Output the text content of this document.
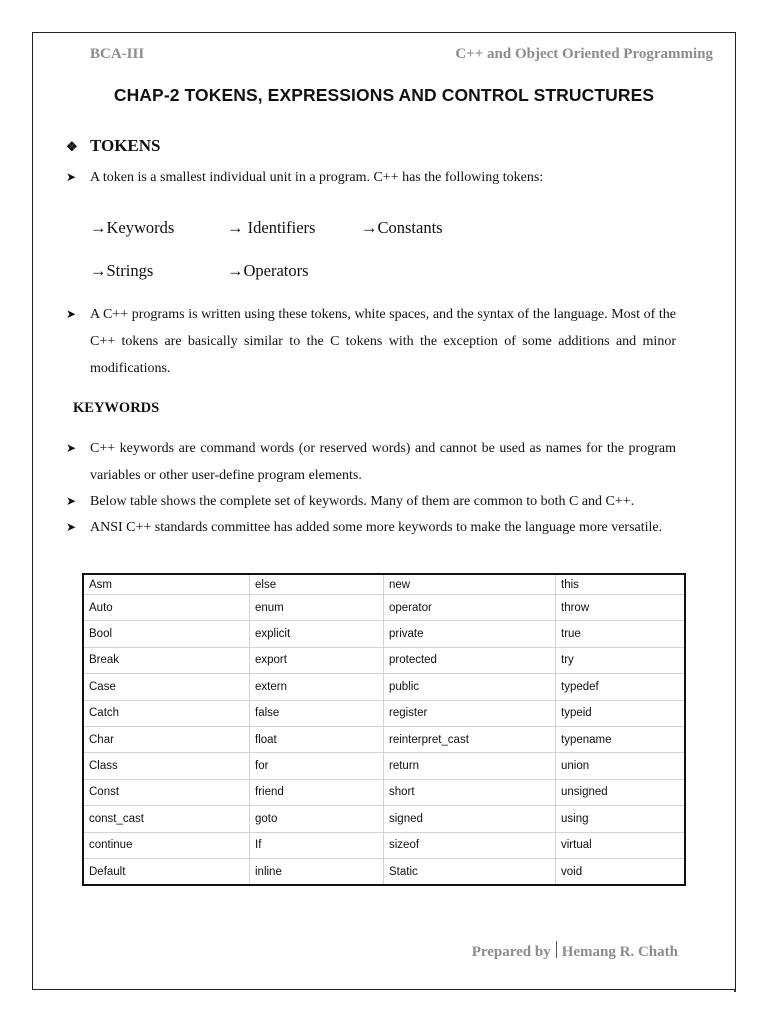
BCA-III	C++ and Object Oriented Programming
CHAP-2 TOKENS, EXPRESSIONS AND CONTROL STRUCTURES
❖ TOKENS
➤ A token is a smallest individual unit in a program. C++ has the following tokens:
→Keywords	→ Identifiers	→Constants
→Strings	→Operators
➤ A C++ programs is written using these tokens, white spaces, and the syntax of the language. Most of the C++ tokens are basically similar to the C tokens with the exception of some additions and minor modifications.
KEYWORDS
➤ C++ keywords are command words (or reserved words) and cannot be used as names for the program variables or other user-define program elements.
➤ Below table shows the complete set of keywords. Many of them are common to both C and C++.
➤ ANSI C++ standards committee has added some more keywords to make the language more versatile.
Asm	else	new	this
Auto	enum	operator	throw
Bool	explicit	private	true
Break	export	protected	try
Case	extern	public	typedef
Catch	false	register	typeid
Char	float	reinterpret_cast	typename
Class	for	return	union
Const	friend	short	unsigned
const_cast	goto	signed	using
continue	If	sizeof	virtual
Default	inline	Static	void
Prepared by Hemang R. Chath
